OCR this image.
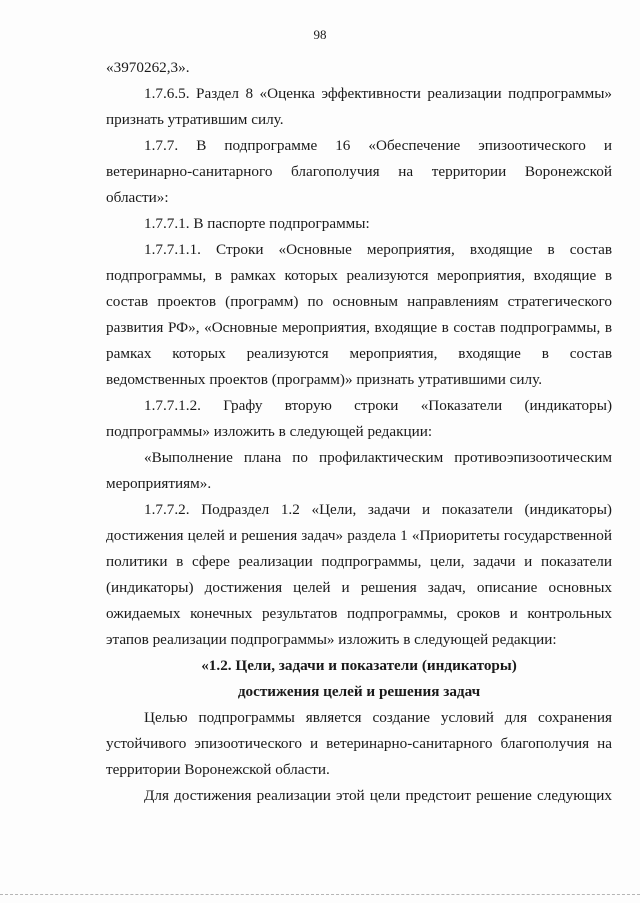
98

«3970262,3».

1.7.6.5. Раздел 8 «Оценка эффективности реализации подпрограммы» признать утратившим силу.

1.7.7. В подпрограмме 16 «Обеспечение эпизоотического и ветеринарно-санитарного благополучия на территории Воронежской области»:

1.7.7.1. В паспорте подпрограммы:

1.7.7.1.1. Строки «Основные мероприятия, входящие в состав подпрограммы, в рамках которых реализуются мероприятия, входящие в состав проектов (программ) по основным направлениям стратегического развития РФ», «Основные мероприятия, входящие в состав подпрограммы, в рамках которых реализуются мероприятия, входящие в состав ведомственных проектов (программ)» признать утратившими силу.

1.7.7.1.2. Графу вторую строки «Показатели (индикаторы) подпрограммы» изложить в следующей редакции:

«Выполнение плана по профилактическим противоэпизоотическим мероприятиям».

1.7.7.2. Подраздел 1.2 «Цели, задачи и показатели (индикаторы) достижения целей и решения задач» раздела 1 «Приоритеты государственной политики в сфере реализации подпрограммы, цели, задачи и показатели (индикаторы) достижения целей и решения задач, описание основных ожидаемых конечных результатов подпрограммы, сроков и контрольных этапов реализации подпрограммы» изложить в следующей редакции:

«1.2. Цели, задачи и показатели (индикаторы)

достижения целей и решения задач

Целью подпрограммы является создание условий для сохранения устойчивого эпизоотического и ветеринарно-санитарного благополучия на территории Воронежской области.

Для достижения реализации этой цели предстоит решение следующих
